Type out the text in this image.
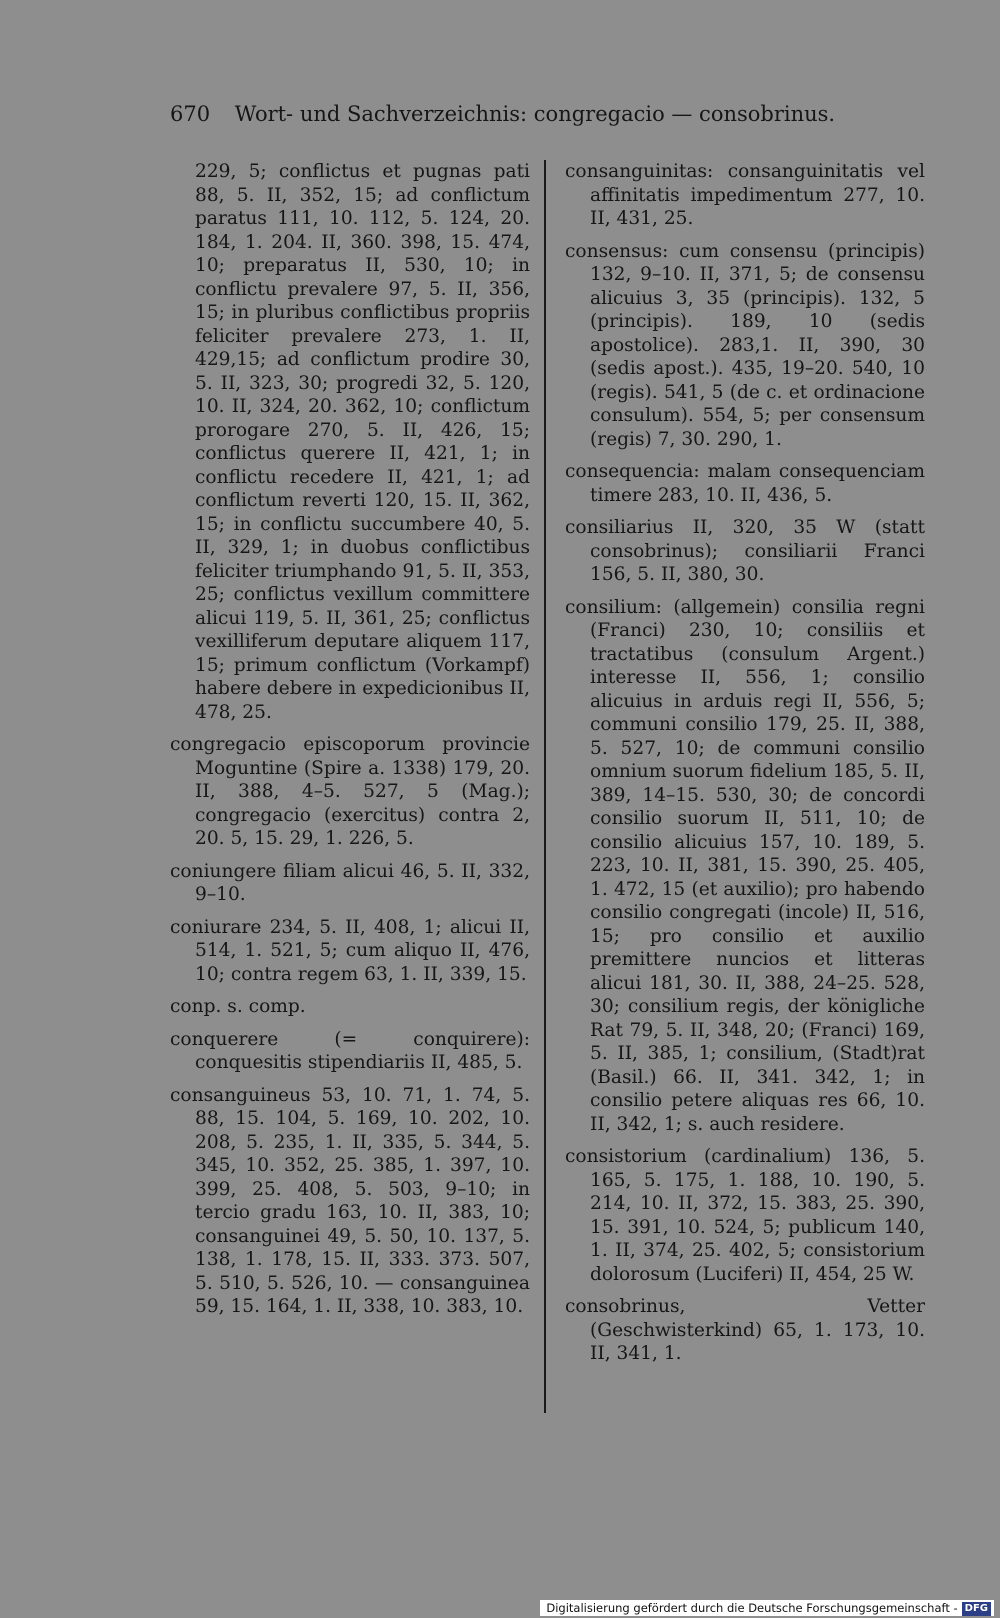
670 Wort- und Sachverzeichnis: congregacio — consobrinus.

229, 5; conflictus et pugnas pati 88, 5. II, 352, 15; ad conflictum paratus 111, 10. 112, 5. 124, 20. 184, 1. 204. II, 360. 398, 15. 474, 10; preparatus II, 530, 10; in conflictu prevalere 97, 5. II, 356, 15; in pluribus conflictibus propriis feliciter prevalere 273, 1. II, 429,15; ad conflictum prodire 30, 5. II, 323, 30; progredi 32, 5. 120, 10. II, 324, 20. 362, 10; conflictum prorogare 270, 5. II, 426, 15; conflictus querere II, 421, 1; in conflictu recedere II, 421, 1; ad conflictum reverti 120, 15. II, 362, 15; in conflictu succumbere 40, 5. II, 329, 1; in duobus conflictibus feliciter triumphando 91, 5. II, 353, 25; conflictus vexillum committere alicui 119, 5. II, 361, 25; conflictus vexilliferum deputare aliquem 117, 15; primum conflictum (Vorkampf) habere debere in expedicionibus II, 478, 25.

congregacio episcoporum provincie Moguntine (Spire a. 1338) 179, 20. II, 388, 4–5. 527, 5 (Mag.); congregacio (exercitus) contra 2, 20. 5, 15. 29, 1. 226, 5.

coniungere filiam alicui 46, 5. II, 332, 9–10.

coniurare 234, 5. II, 408, 1; alicui II, 514, 1. 521, 5; cum aliquo II, 476, 10; contra regem 63, 1. II, 339, 15.

conp. s. comp.

conquerere (= conquirere): conquesitis stipendiariis II, 485, 5.

consanguineus 53, 10. 71, 1. 74, 5. 88, 15. 104, 5. 169, 10. 202, 10. 208, 5. 235, 1. II, 335, 5. 344, 5. 345, 10. 352, 25. 385, 1. 397, 10. 399, 25. 408, 5. 503, 9–10; in tercio gradu 163, 10. II, 383, 10; consanguinei 49, 5. 50, 10. 137, 5. 138, 1. 178, 15. II, 333. 373. 507, 5. 510, 5. 526, 10. — consanguinea 59, 15. 164, 1. II, 338, 10. 383, 10.

consanguinitas: consanguinitatis vel affinitatis impedimentum 277, 10. II, 431, 25.

consensus: cum consensu (principis) 132, 9–10. II, 371, 5; de consensu alicuius 3, 35 (principis). 132, 5 (principis). 189, 10 (sedis apostolice). 283,1. II, 390, 30 (sedis apost.). 435, 19–20. 540, 10 (regis). 541, 5 (de c. et ordinacione consulum). 554, 5; per consensum (regis) 7, 30. 290, 1.

consequencia: malam consequenciam timere 283, 10. II, 436, 5.

consiliarius II, 320, 35 W (statt consobrinus); consiliarii Franci 156, 5. II, 380, 30.

consilium: (allgemein) consilia regni (Franci) 230, 10; consiliis et tractatibus (consulum Argent.) interesse II, 556, 1; consilio alicuius in arduis regi II, 556, 5; communi consilio 179, 25. II, 388, 5. 527, 10; de communi consilio omnium suorum fidelium 185, 5. II, 389, 14–15. 530, 30; de concordi consilio suorum II, 511, 10; de consilio alicuius 157, 10. 189, 5. 223, 10. II, 381, 15. 390, 25. 405, 1. 472, 15 (et auxilio); pro habendo consilio congregati (incole) II, 516, 15; pro consilio et auxilio premittere nuncios et litteras alicui 181, 30. II, 388, 24–25. 528, 30; consilium regis, der königliche Rat 79, 5. II, 348, 20; (Franci) 169, 5. II, 385, 1; consilium, (Stadt)rat (Basil.) 66. II, 341. 342, 1; in consilio petere aliquas res 66, 10. II, 342, 1; s. auch residere.

consistorium (cardinalium) 136, 5. 165, 5. 175, 1. 188, 10. 190, 5. 214, 10. II, 372, 15. 383, 25. 390, 15. 391, 10. 524, 5; publicum 140, 1. II, 374, 25. 402, 5; consistorium dolorosum (Luciferi) II, 454, 25 W.

consobrinus, Vetter (Geschwisterkind) 65, 1. 173, 10. II, 341, 1.

Digitalisierung gefördert durch die Deutsche Forschungsgemeinschaft - DFG
